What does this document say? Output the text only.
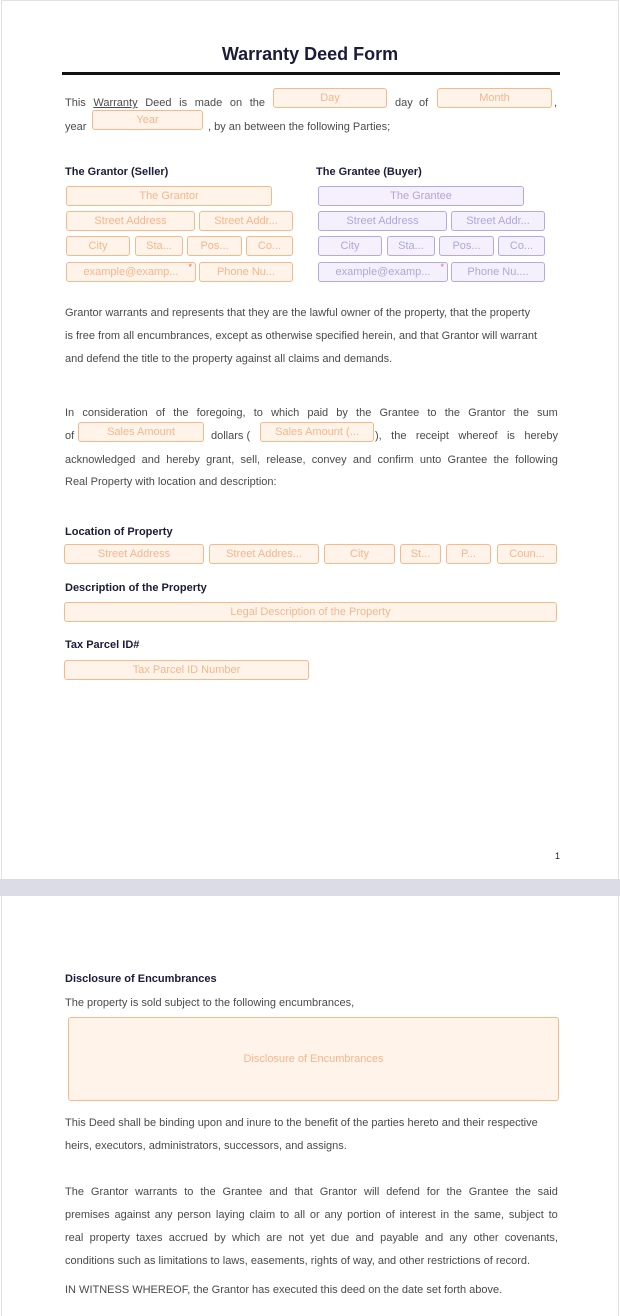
Warranty Deed Form
This Warranty Deed is made on the	Day	day of	Month	,
year
Year
, by an between the following Parties;
The Grantor (Seller)
The Grantor
Street Address	Street Addr...
City	Sta...	Pos...	Co...
example@examp... *	Phone Nu...
The Grantee (Buyer)
The Grantee
Street Address	Street Addr...
City	Sta...	Pos...	Co...
example@examp... *	Phone Nu....
Grantor warrants and represents that they are the lawful owner of the property, that the property
is free from all encumbrances, except as otherwise specified herein, and that Grantor will warrant
and defend the title to the property against all claims and demands.
In consideration of the foregoing, to which paid by the Grantee to the Grantor the sum
of	Sales Amount	dollars (	Sales Amount (...	), the receipt whereof is hereby
acknowledged and hereby grant, sell, release, convey and confirm unto Grantee the following
Real Property with location and description:
Location of Property
Street Address	Street Addres...	City	St...	P...	Coun...
Description of the Property
Legal Description of the Property
Tax Parcel ID#
Tax Parcel ID Number
1
Disclosure of Encumbrances
The property is sold subject to the following encumbrances,
Disclosure of Encumbrances
This Deed shall be binding upon and inure to the benefit of the parties hereto and their respective
heirs, executors, administrators, successors, and assigns.
The Grantor warrants to the Grantee and that Grantor will defend for the Grantee the said
premises against any person laying claim to all or any portion of interest in the same, subject to
real property taxes accrued by which are not yet due and payable and any other covenants,
conditions such as limitations to laws, easements, rights of way, and other restrictions of record.
IN WITNESS WHEREOF, the Grantor has executed this deed on the date set forth above.
